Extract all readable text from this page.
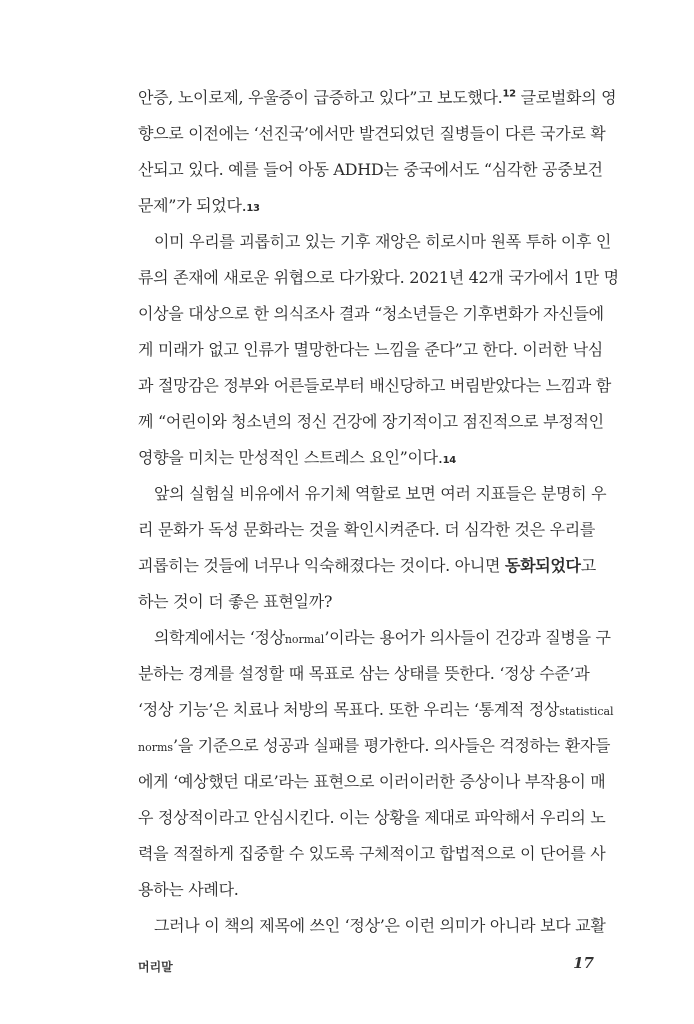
안증, 노이로제, 우울증이 급증하고 있다”고 보도했다.$^{12}$ 글로벌화의 영
향으로 이전에는 ‘선진국’에서만 발견되었던 질병들이 다른 국가로 확
산되고 있다. 예를 들어 아동 ADHD는 중국에서도 “심각한 공중보건
문제”가 되었다. 13
이미 우리를 괴롭히고 있는 기후 재앙은 히로시마 원폭 투하 이후 인
류의 존재에 새로운 위협으로 다가왔다. 2021년 42개 국가에서 1만 명
이상을 대상으로 한 의식조사 결과 “청소년들은 기후변화가 자신들에
게 미래가 없고 인류가 멸망한다는 느낌을 준다”고 한다. 이러한 낙심
과 절망감은 정부와 어른들로부터 배신당하고 버림받았다는 느낌과 함
께 “어린이와 청소년의 정신 건강에 장기적이고 점진적으로 부정적인
영향을 미치는 만성적인 스트레스 요인”이다. 14
앞의 실험실 비유에서 유기체 역할로 보면 여러 지표들은 분명히 우
리 문화가 독성 문화라는 것을 확인시켜준다. 더 심각한 것은 우리를
괴롭히는 것들에 너무나 익숙해졌다는 것이다. 아니면 동화되었다고
하는 것이 더 좋은 표현일까?
의학계에서는 ‘정상normal’이라는 용어가 의사들이 건강과 질병을 구
분하는 경계를 설정할 때 목표로 삼는 상태를 뜻한다. ‘정상 수준’과
‘정상 기능’은 치료나 처방의 목표다. 또한 우리는 ‘통계적 정상statistical
norms’을 기준으로 성공과 실패를 평가한다. 의사들은 걱정하는 환자들
에게 ‘예상했던 대로’라는 표현으로 이러이러한 증상이나 부작용이 매
우 정상적이라고 안심시킨다. 이는 상황을 제대로 파악해서 우리의 노
력을 적절하게 집중할 수 있도록 구체적이고 합법적으로 이 단어를 사
용하는 사례다.
그러나 이 책의 제목에 쓰인 ‘정상’은 이런 의미가 아니라 보다 교활
머리말	17
